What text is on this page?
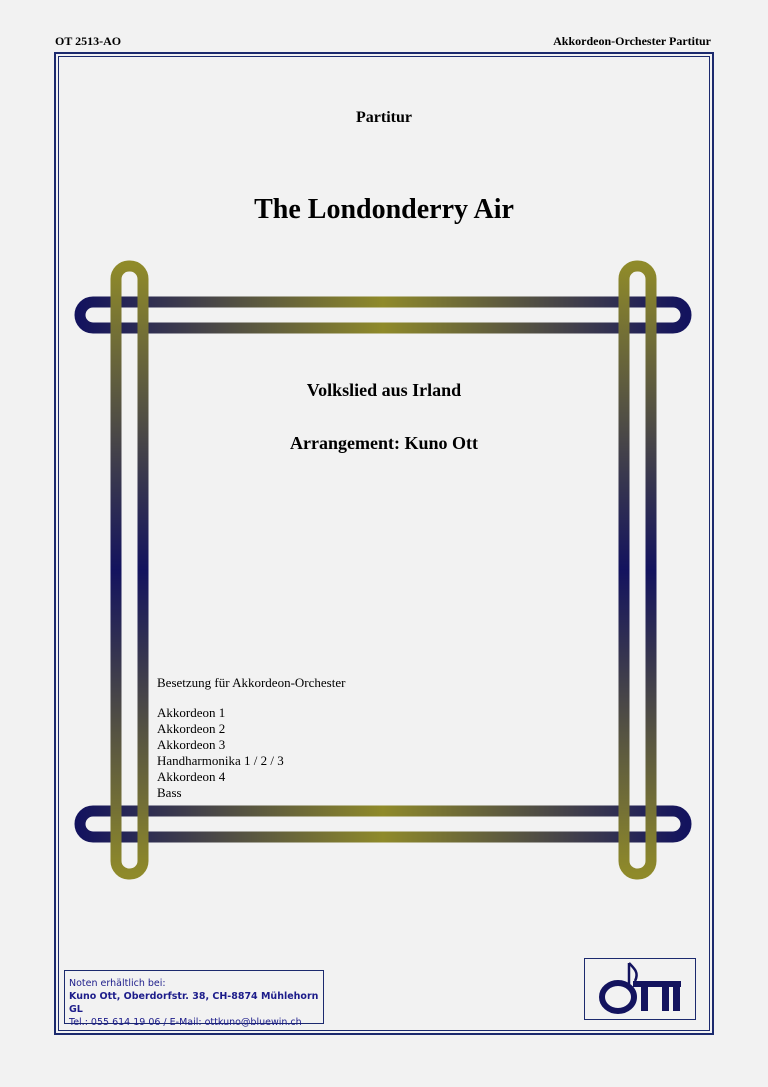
OT 2513-AO	Akkordeon-Orchester Partitur
Partitur
The Londonderry Air
Volkslied aus Irland
Arrangement: Kuno Ott
Besetzung für Akkordeon-Orchester
Akkordeon 1
Akkordeon 2
Akkordeon 3
Handharmonika 1 / 2 / 3
Akkordeon 4
Bass
Noten erhältlich bei:
Kuno Ott, Oberdorfstr. 38, CH-8874 Mühlehorn GL
Tel.: 055 614 19 06 / E-Mail: ottkuno@bluewin.ch
